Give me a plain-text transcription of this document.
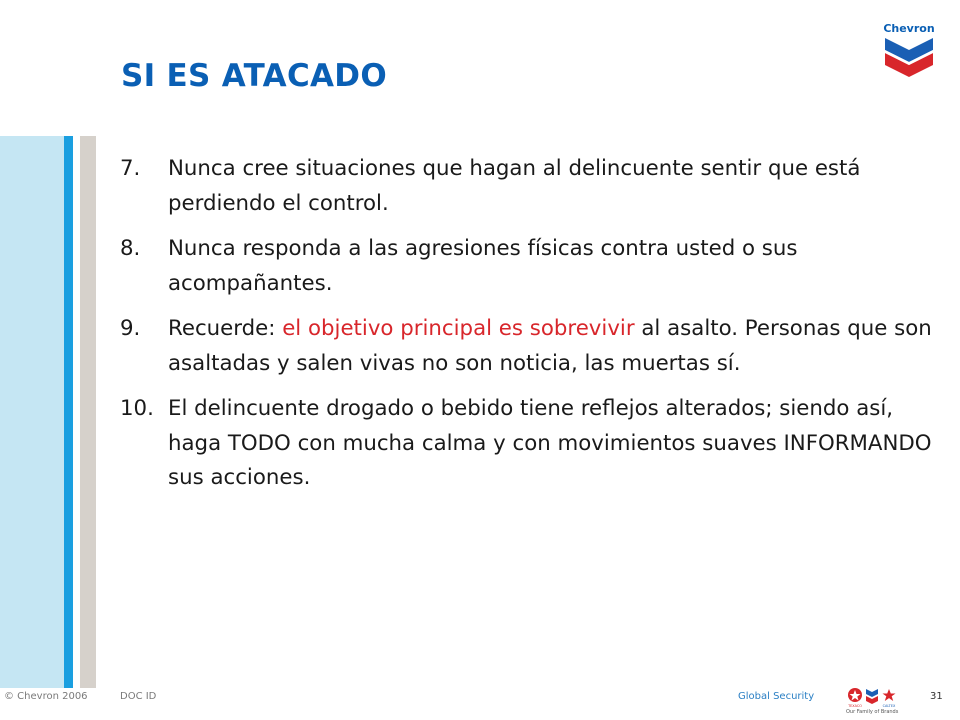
SI ES ATACADO
Chevron
7.	Nunca cree situaciones que hagan al delincuente sentir que está perdiendo el control.
8.	Nunca responda a las agresiones físicas contra usted o sus acompañantes.
9.	Recuerde: el objetivo principal es sobrevivir al asalto. Personas que son asaltadas y salen vivas no son noticia, las muertas sí.
10. El delincuente drogado o bebido tiene reflejos alterados; siendo así, haga TODO con mucha calma y con movimientos suaves INFORMANDO sus acciones.
© Chevron 2006	DOC ID	Global Security	31
TEXACO	CALTEX
Our Family of Brands
